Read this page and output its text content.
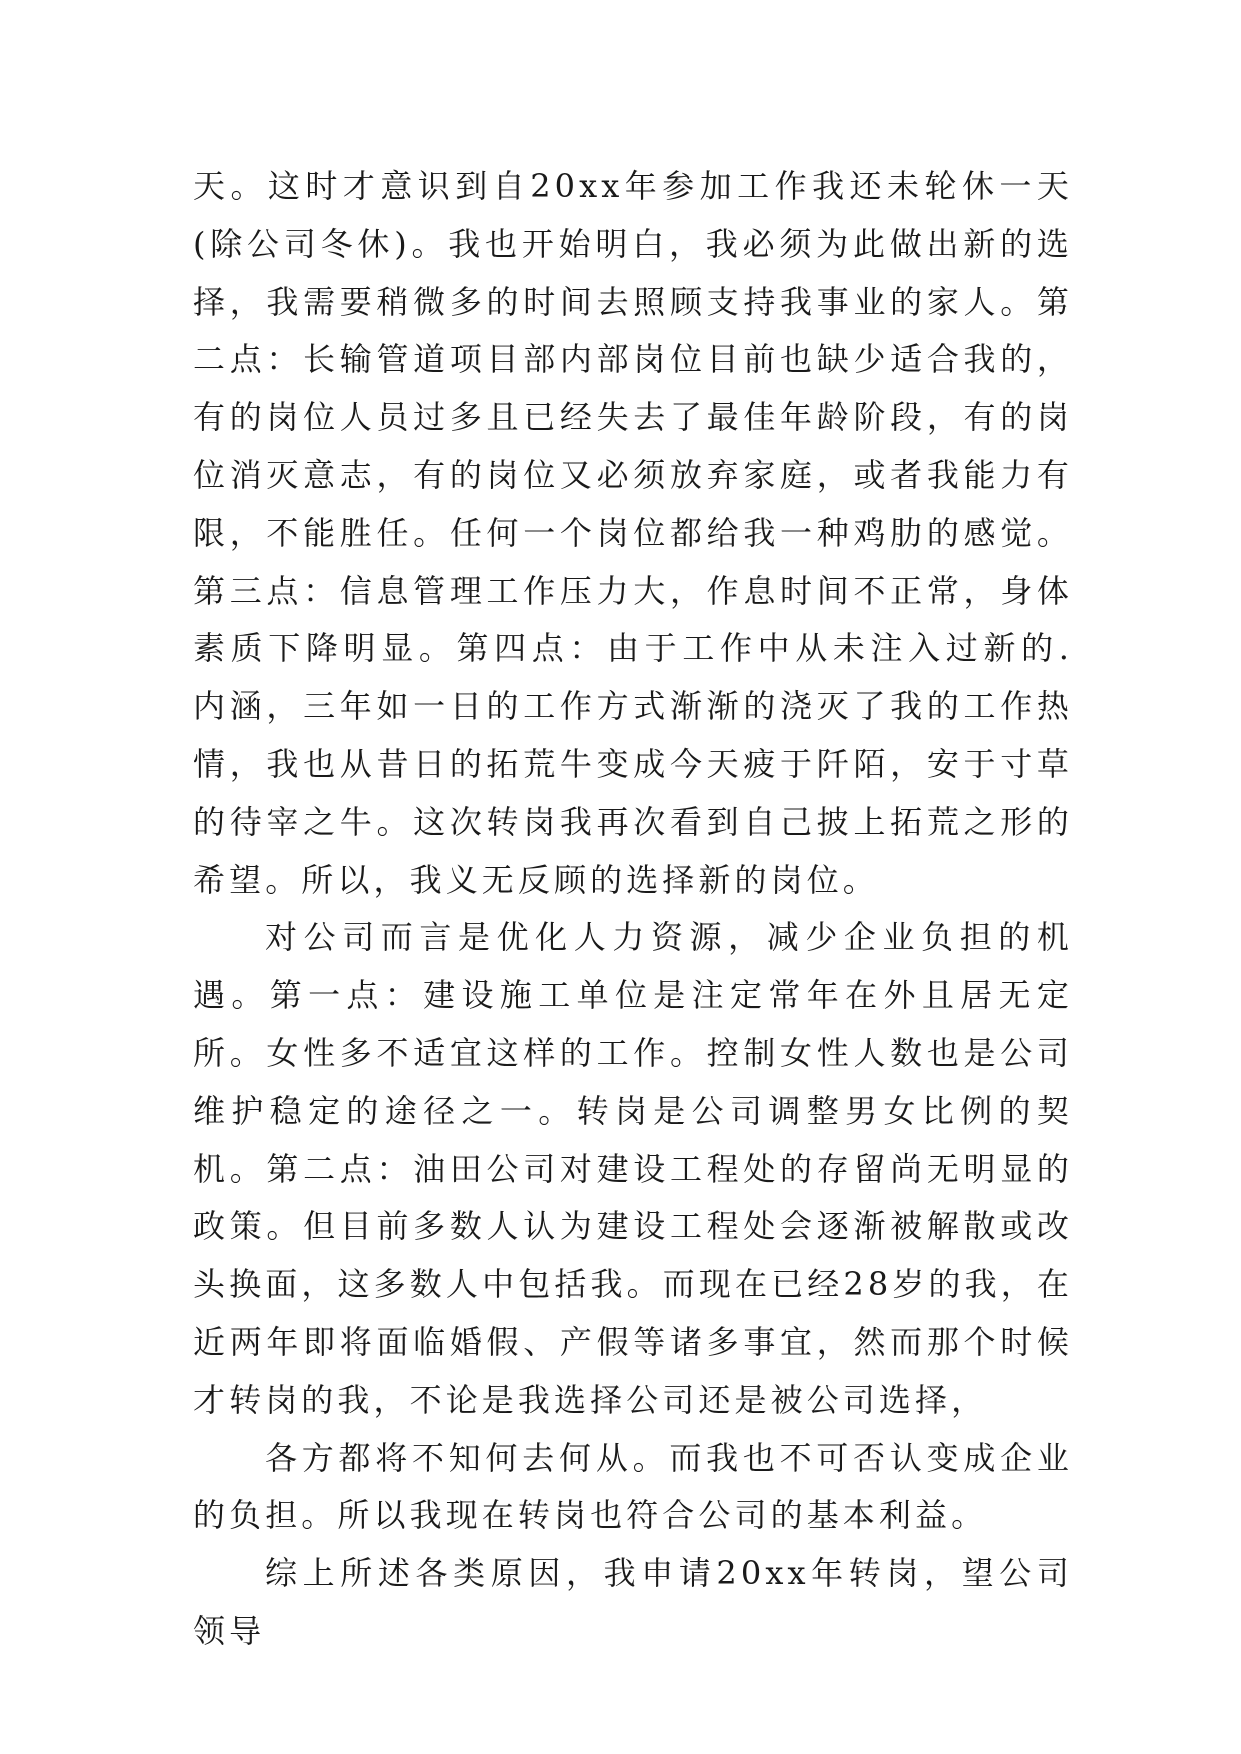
天。这时才意识到自20xx年参加工作我还未轮休一天(除公司冬休)。我也开始明白，我必须为此做出新的选择，我需要稍微多的时间去照顾支持我事业的家人。第二点：长输管道项目部内部岗位目前也缺少适合我的，有的岗位人员过多且已经失去了最佳年龄阶段，有的岗位消灭意志，有的岗位又必须放弃家庭，或者我能力有限，不能胜任。任何一个岗位都给我一种鸡肋的感觉。第三点：信息管理工作压力大，作息时间不正常，身体素质下降明显。第四点：由于工作中从未注入过新的.内涵，三年如一日的工作方式渐渐的浇灭了我的工作热情，我也从昔日的拓荒牛变成今天疲于阡陌，安于寸草的待宰之牛。这次转岗我再次看到自己披上拓荒之形的希望。所以，我义无反顾的选择新的岗位。

对公司而言是优化人力资源，减少企业负担的机遇。第一点：建设施工单位是注定常年在外且居无定所。女性多不适宜这样的工作。控制女性人数也是公司维护稳定的途径之一。转岗是公司调整男女比例的契机。第二点：油田公司对建设工程处的存留尚无明显的政策。但目前多数人认为建设工程处会逐渐被解散或改头换面，这多数人中包括我。而现在已经28岁的我，在近两年即将面临婚假、产假等诸多事宜，然而那个时候才转岗的我，不论是我选择公司还是被公司选择，

各方都将不知何去何从。而我也不可否认变成企业的负担。所以我现在转岗也符合公司的基本利益。

综上所述各类原因，我申请20xx年转岗，望公司领导
